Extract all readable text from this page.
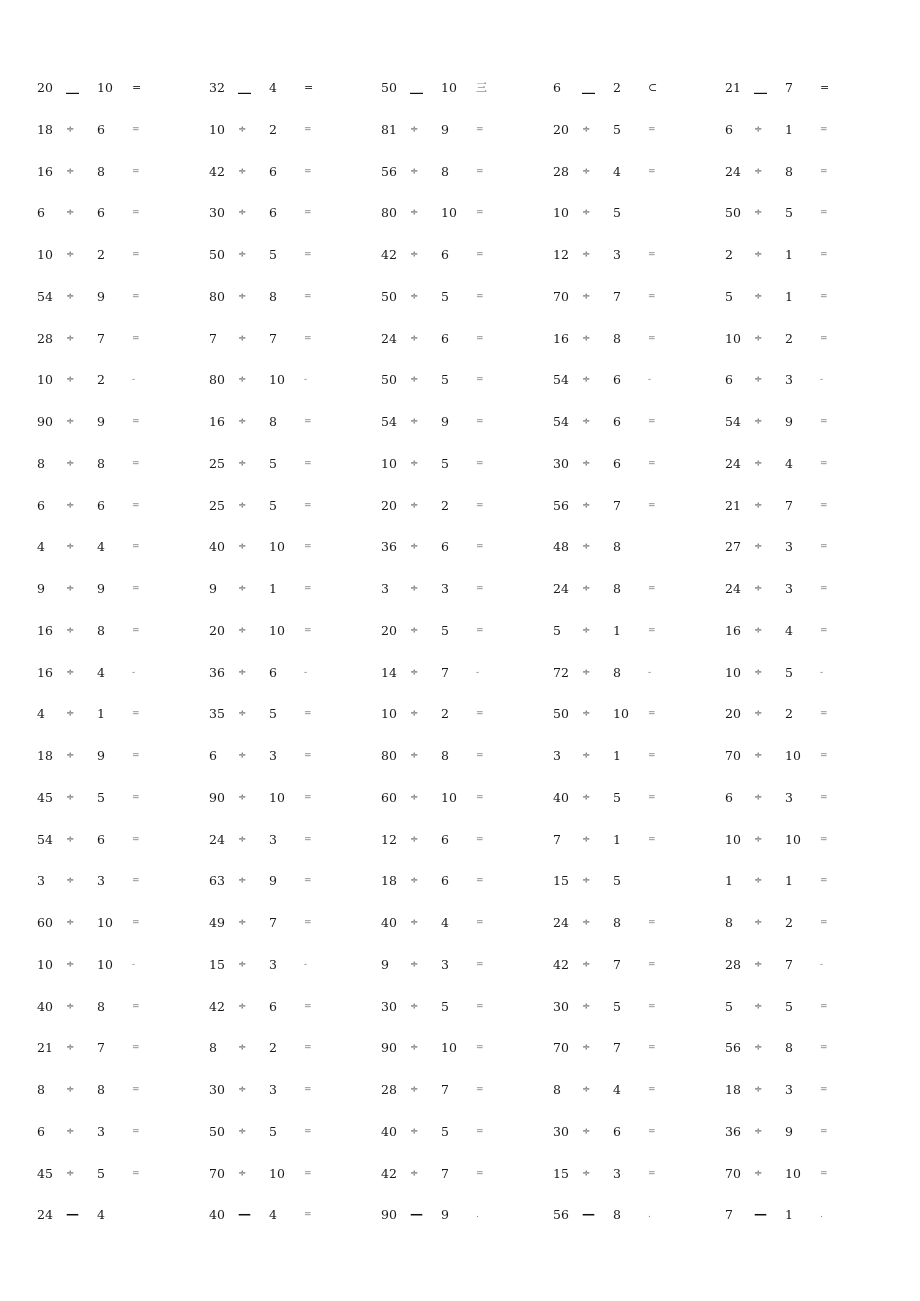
20 __ 10 =	32 __ 4 =	50 __ 10 三	6 __ 2 ⊂	21 __ 7 =
18 ÷ 6	=	10 ÷ 2	=	81 ÷ 9	=	20 ÷ 5	=	6 ÷ 1	=
16 ÷ 8	=	42 ÷ 6	=	56 ÷ 8	=	28 ÷ 4	=	24 ÷ 8	=
6 ÷ 6	=	30 ÷ 6	=	80 ÷ 10 =	10 ÷ 5	50 ÷ 5	=
10 ÷ 2	=	50 ÷ 5	=	42 ÷ 6	=	12 ÷ 3	=	2 ÷ 1	=
54 ÷ 9	=	80 ÷ 8	=	50 ÷ 5	=	70 ÷ 7	=	5 ÷ 1	=
28 ÷ 7	=	7 ÷ 7	=	24 ÷ 6	=	16 ÷ 8	=	10 ÷ 2	=
10 ÷ 2	-	80 ÷ 10 -	50 ÷ 5	=	54 ÷ 6	-	6 ÷ 3	-
90 ÷ 9	=	16 ÷ 8	=	54 ÷ 9	=	54 ÷ 6	=	54 ÷ 9	=
8 ÷ 8	=	25 ÷ 5	=	10 ÷ 5	=	30 ÷ 6	=	24 ÷ 4	=
6 ÷ 6	=	25 ÷ 5	=	20 ÷ 2	=	56 ÷ 7	=	21 ÷ 7	=
4 ÷ 4	=	40 ÷ 10 =	36 ÷ 6	=	48 ÷ 8	27 ÷ 3	=
9 ÷ 9	=	9 ÷ 1	=	3 ÷ 3	=	24 ÷ 8	=	24 ÷ 3	=
16 ÷ 8	=	20 ÷ 10 =	20 ÷ 5	=	5 ÷ 1	=	16 ÷ 4	=
16 ÷ 4	-	36 ÷ 6	-	14 ÷ 7	-	72 ÷ 8	-	10 ÷ 5	-
4 ÷ 1	=	35 ÷ 5	=	10 ÷ 2	=	50 ÷ 10 =	20 ÷ 2	=
18 ÷ 9	=	6 ÷ 3	=	80 ÷ 8	=	3 ÷ 1	=	70 ÷ 10 =
45 ÷ 5	=	90 ÷ 10 =	60 ÷ 10 =	40 ÷ 5	=	6 ÷ 3	=
54 ÷ 6	=	24 ÷ 3	=	12 ÷ 6	=	7 ÷ 1	=	10 ÷ 10 =
3 ÷ 3	=	63 ÷ 9	=	18 ÷ 6	=	15 ÷ 5	1 ÷ 1	=
60 ÷ 10 =	49 ÷ 7	=	40 ÷ 4	=	24 ÷ 8	=	8 ÷ 2	=
10 ÷ 10 -	15 ÷ 3	-	9 ÷ 3	=	42 ÷ 7	=	28 ÷ 7	-
40 ÷ 8	=	42 ÷ 6	=	30 ÷ 5	=	30 ÷ 5	=	5 ÷ 5	=
21 ÷ 7	=	8 ÷ 2	=	90 ÷ 10 =	70 ÷ 7	=	56 ÷ 8	=
8 ÷ 8	=	30 ÷ 3	=	28 ÷ 7	=	8 ÷ 4	=	18 ÷ 3	=
6 ÷ 3	=	50 ÷ 5	=	40 ÷ 5	=	30 ÷ 6	=	36 ÷ 9	=
45 ÷ 5	=	70 ÷ 10 =	42 ÷ 7	=	15 ÷ 3	=	70 ÷ 10 =
24 — 4	40 — 4	=	90 — 9	.	56 — 8	.	7 — 1	.
